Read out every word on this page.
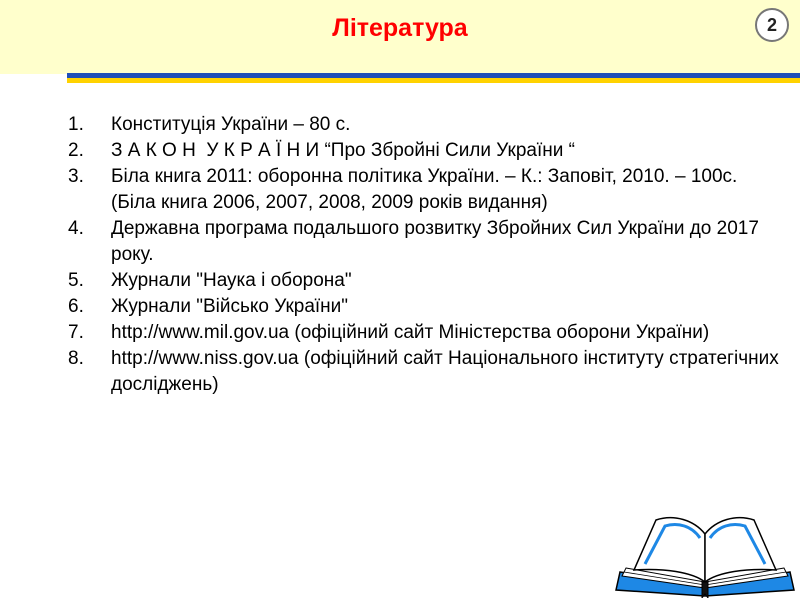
Література	2
1. Конституція України – 80 с.
2. З А К О Н  У К Р А Ї Н И “Про Збройні Сили України “
3. Біла книга 2011: оборонна політика України. – К.: Заповіт, 2010. – 100с. (Біла книга 2006, 2007, 2008, 2009 років видання)
4. Державна програма подальшого розвитку Збройних Сил України до 2017 року.
5. Журнали "Наука і оборона"
6. Журнали "Військо України"
7. http://www.mil.gov.ua (офіційний сайт Міністерства оборони України)
8. http://www.niss.gov.ua (офіційний сайт Національного інституту стратегічних досліджень)
